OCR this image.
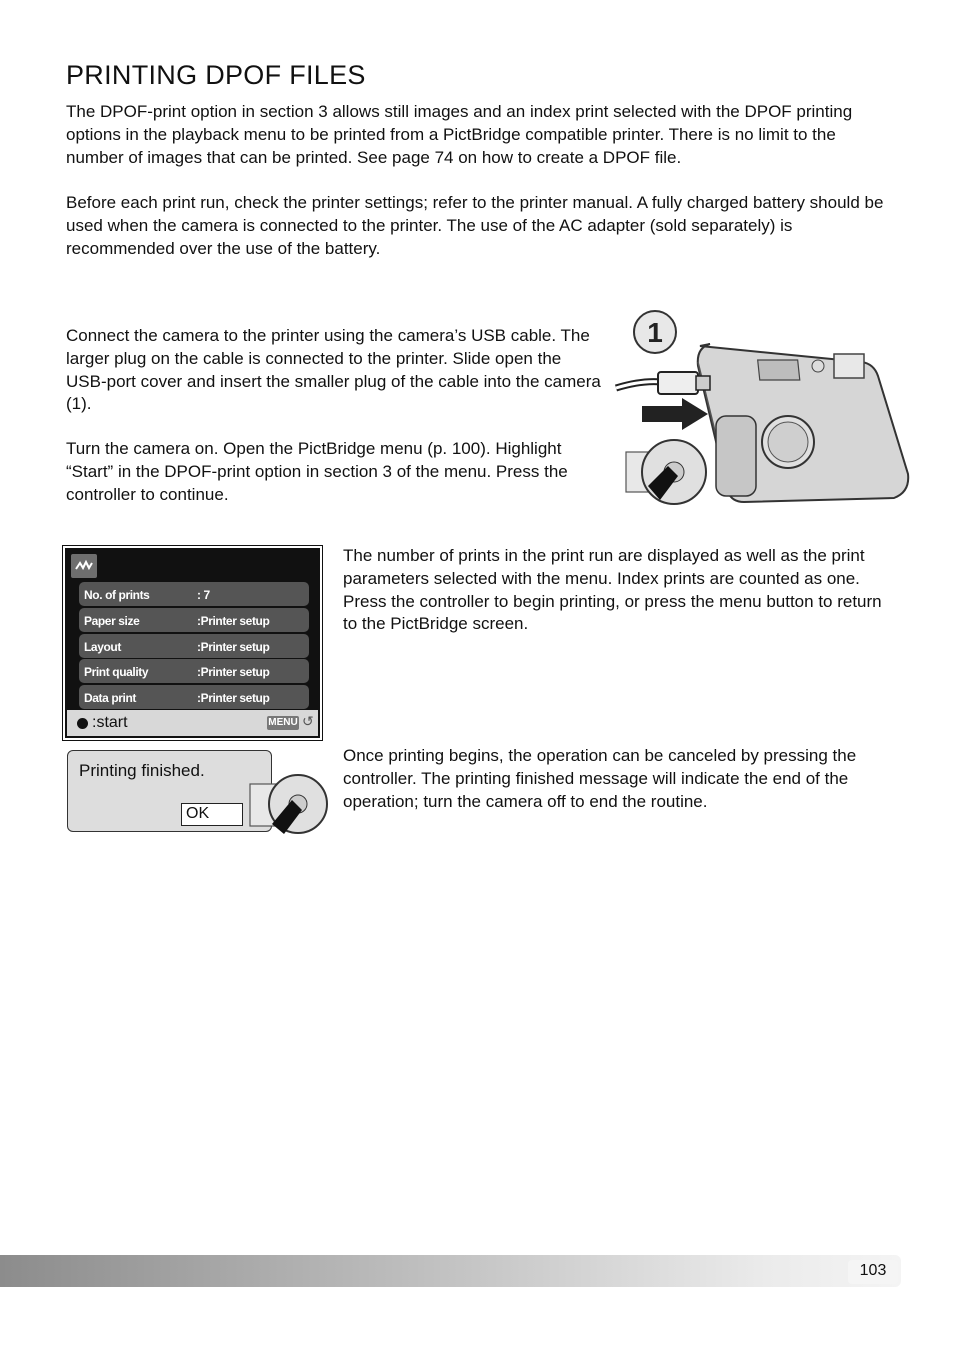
PRINTING DPOF FILES
The DPOF-print option in section 3 allows still images and an index print selected with the DPOF printing options in the playback menu to be printed from a PictBridge compatible printer. There is no limit to the number of images that can be printed. See page 74 on how to create a DPOF file.
Before each print run, check the printer settings; refer to the printer manual. A fully charged battery should be used when the camera is connected to the printer. The use of the AC adapter (sold separately) is recommended over the use of the battery.
Connect the camera to the printer using the camera’s USB cable. The larger plug on the cable is connected to the printer. Slide open the USB-port cover and insert the smaller plug of the cable into the camera (1).
Turn the camera on. Open the PictBridge menu (p. 100). Highlight “Start” in the DPOF-print option in section 3 of the menu. Press the controller to continue.
1
No. of prints	: 7
Paper size	:Printer setup
Layout	:Printer setup
Print quality	:Printer setup
Data print	:Printer setup
:start	MENU ↺
The number of prints in the print run are displayed as well as the print parameters selected with the menu. Index prints are counted as one. Press the controller to begin printing, or press the menu button to return to the PictBridge screen.
Printing finished.
OK
Once printing begins, the operation can be canceled by pressing the controller. The printing finished message will indicate the end of the operation; turn the camera off to end the routine.
103
